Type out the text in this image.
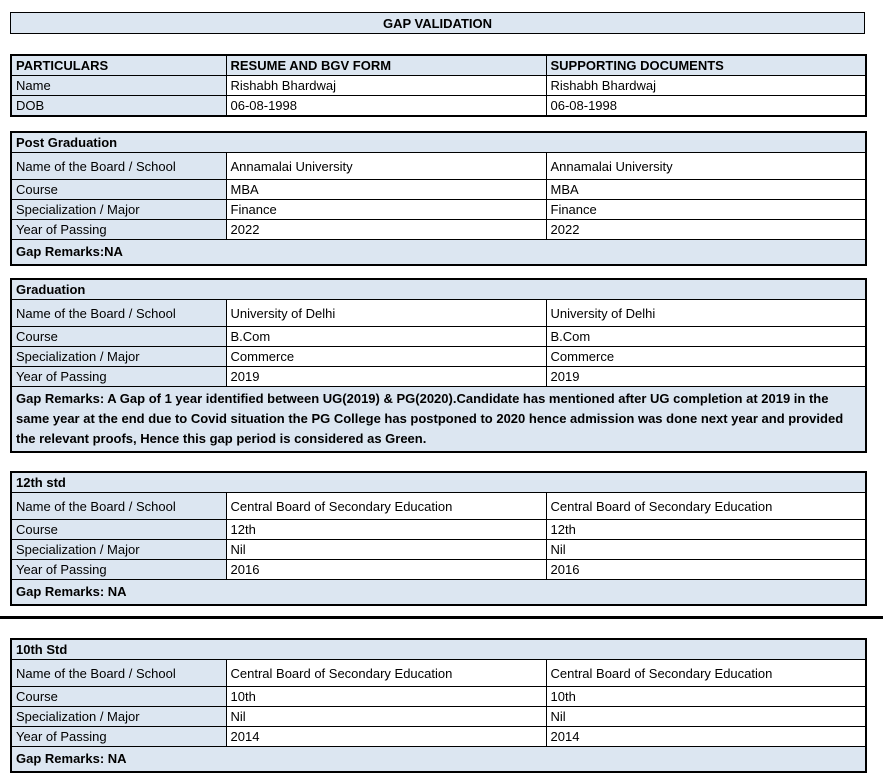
GAP VALIDATION
PARTICULARS	RESUME AND BGV FORM	SUPPORTING DOCUMENTS
Name	Rishabh Bhardwaj	Rishabh Bhardwaj
DOB	06-08-1998	06-08-1998
Post Graduation		
Name of the Board / School	Annamalai University	Annamalai University
Course	MBA	MBA
Specialization / Major	Finance	Finance
Year of Passing	2022	2022
Gap Remarks:NA		
Graduation		
Name of the Board / School	University of Delhi	University of Delhi
Course	B.Com	B.Com
Specialization / Major	Commerce	Commerce
Year of Passing	2019	2019
Gap Remarks: A Gap of 1 year identified between UG(2019) & PG(2020).Candidate has mentioned after UG completion at 2019 in the same year at the end due to Covid situation the PG College has postponed to 2020 hence admission was done next year and provided the relevant proofs, Hence this gap period is considered as Green.		
12th std		
Name of the Board / School	Central Board of Secondary Education	Central Board of Secondary Education
Course	12th	12th
Specialization / Major	Nil	Nil
Year of Passing	2016	2016
Gap Remarks: NA		
10th Std		
Name of the Board / School	Central Board of Secondary Education	Central Board of Secondary Education
Course	10th	10th
Specialization / Major	Nil	Nil
Year of Passing	2014	2014
Gap Remarks: NA		
